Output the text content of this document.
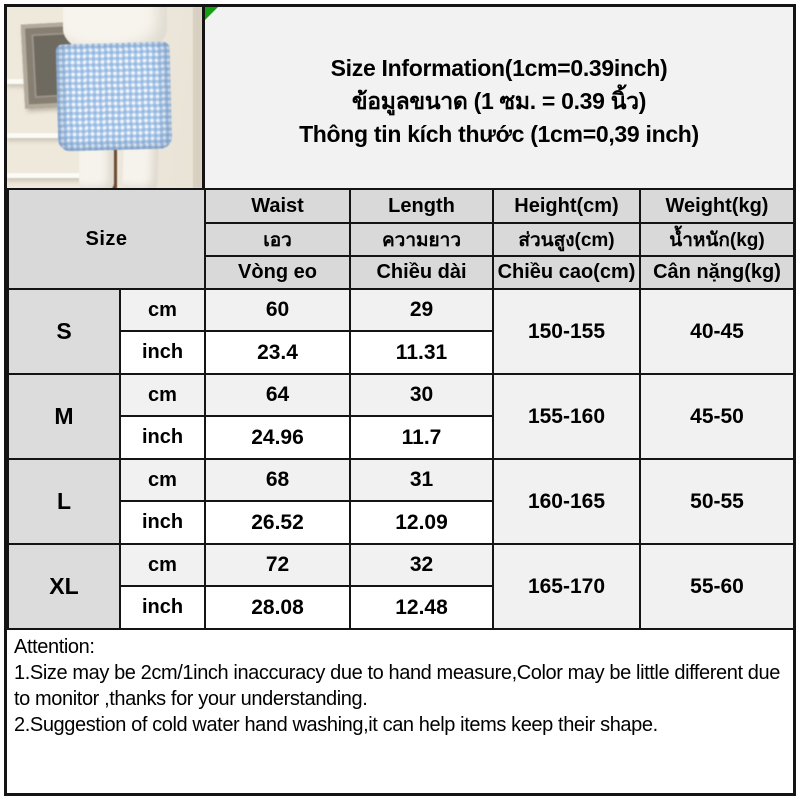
Size Information(1cm=0.39inch)
ข้อมูลขนาด (1 ซม. = 0.39 นิ้ว)
Thông tin kích thước (1cm=0,39 inch)
Size		Waist	Length	Height(cm)	Weight(kg)
		เอว	ความยาว	ส่วนสูง(cm)	น้ำหนัก(kg)
		Vòng eo	Chiều dài	Chiều cao(cm)	Cân nặng(kg)
S	cm	60	29	150-155	40-45
	inch	23.4	11.31		
M	cm	64	30	155-160	45-50
	inch	24.96	11.7		
L	cm	68	31	160-165	50-55
	inch	26.52	12.09		
XL	cm	72	32	165-170	55-60
	inch	28.08	12.48		
Attention:
1.Size may be 2cm/1inch inaccuracy due to hand measure,Color may be little different due to monitor ,thanks for your understanding.
2.Suggestion of cold water hand washing,it can help items keep their shape.
